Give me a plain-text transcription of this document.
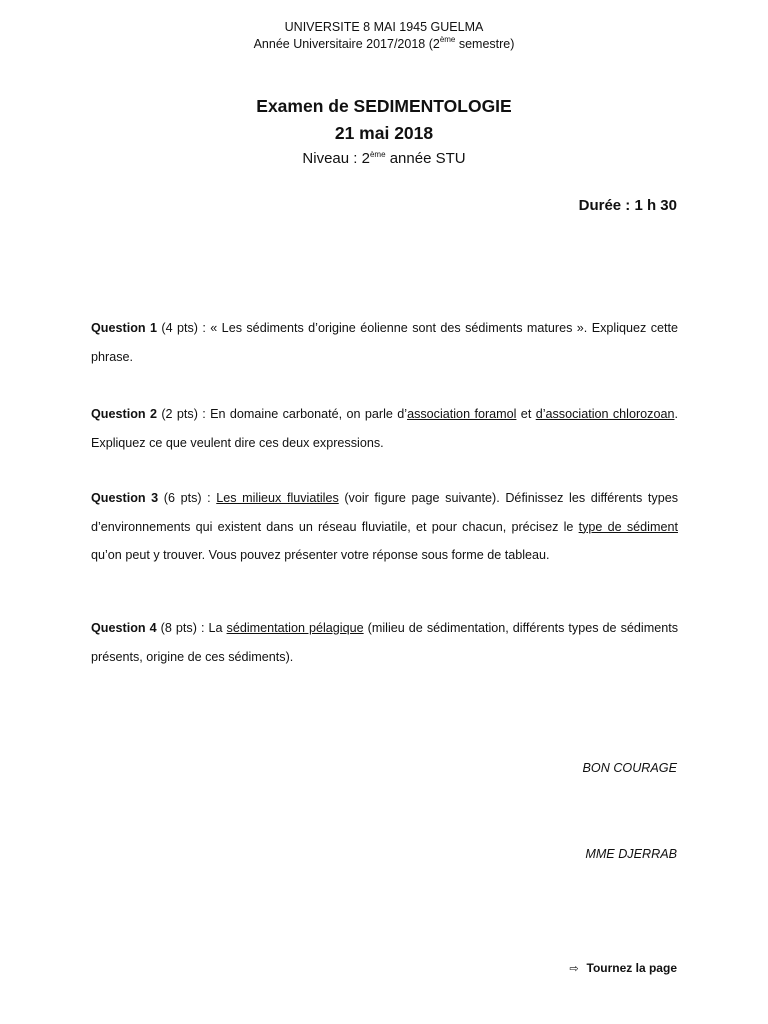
UNIVERSITE 8 MAI 1945 GUELMA
Année Universitaire 2017/2018 (2ème semestre)
Examen de SEDIMENTOLOGIE
21 mai 2018
Niveau : 2ème année STU
Durée : 1 h 30
Question 1 (4 pts) : « Les sédiments d’origine éolienne sont des sédiments matures ». Expliquez cette phrase.
Question 2 (2 pts) : En domaine carbonaté, on parle d’association foramol et d’association chlorozoan. Expliquez ce que veulent dire ces deux expressions.
Question 3 (6 pts) : Les milieux fluviatiles (voir figure page suivante). Définissez les différents types d’environnements qui existent dans un réseau fluviatile, et pour chacun, précisez le type de sédiment qu’on peut y trouver. Vous pouvez présenter votre réponse sous forme de tableau.
Question 4 (8 pts) : La sédimentation pélagique (milieu de sédimentation, différents types de sédiments présents, origine de ces sédiments).
BON COURAGE
MME DJERRAB
⇨ Tournez la page
